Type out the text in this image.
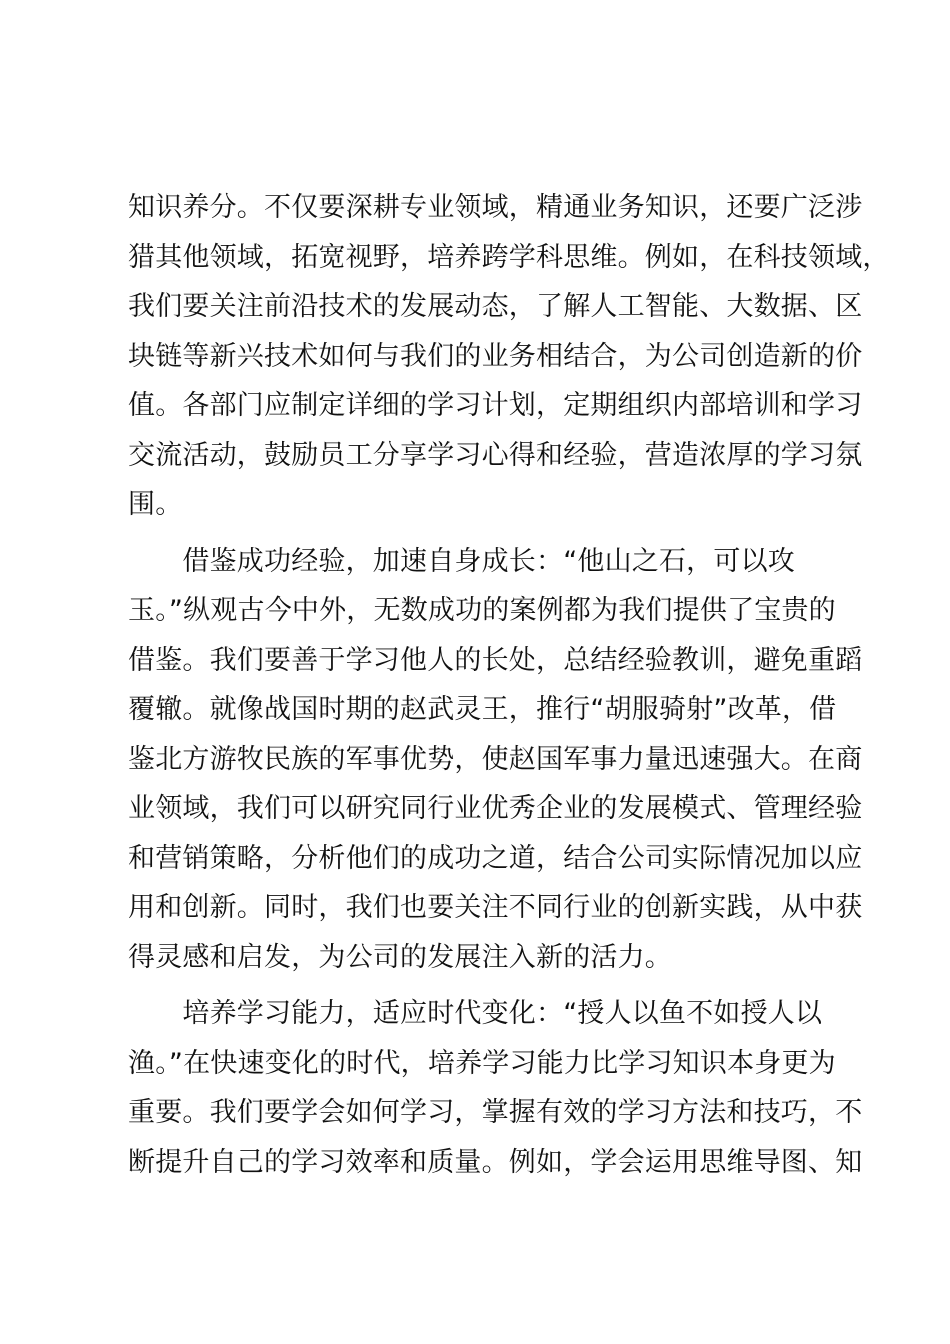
知识养分。不仅要深耕专业领域，精通业务知识，还要广泛涉
猎其他领域，拓宽视野，培养跨学科思维。例如，在科技领域，
我们要关注前沿技术的发展动态，了解人工智能、大数据、区
块链等新兴技术如何与我们的业务相结合，为公司创造新的价
值。各部门应制定详细的学习计划，定期组织内部培训和学习
交流活动，鼓励员工分享学习心得和经验，营造浓厚的学习氛
围。
　　借鉴成功经验，加速自身成长：“他山之石，可以攻
玉。”纵观古今中外，无数成功的案例都为我们提供了宝贵的
借鉴。我们要善于学习他人的长处，总结经验教训，避免重蹈
覆辙。就像战国时期的赵武灵王，推行“胡服骑射”改革，借
鉴北方游牧民族的军事优势，使赵国军事力量迅速强大。在商
业领域，我们可以研究同行业优秀企业的发展模式、管理经验
和营销策略，分析他们的成功之道，结合公司实际情况加以应
用和创新。同时，我们也要关注不同行业的创新实践，从中获
得灵感和启发，为公司的发展注入新的活力。
　　培养学习能力，适应时代变化：“授人以鱼不如授人以
渔。”在快速变化的时代，培养学习能力比学习知识本身更为
重要。我们要学会如何学习，掌握有效的学习方法和技巧，不
断提升自己的学习效率和质量。例如，学会运用思维导图、知
